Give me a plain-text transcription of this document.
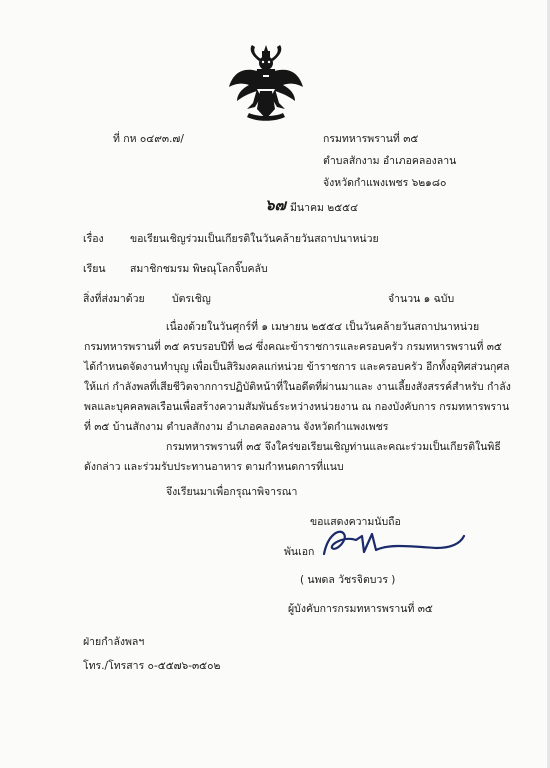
ที่ กห ๐๔๙๓.๗/	กรมทหารพรานที่ ๓๕
ตำบลสักงาม อำเภอคลองลาน
จังหวัดกำแพงเพชร ๖๒๑๘๐
๖๗ มีนาคม ๒๕๕๔
เรื่อง	ขอเรียนเชิญร่วมเป็นเกียรติในวันคล้ายวันสถาปนาหน่วย
เรียน สมาชิกชมรม พิษณุโลกจิ๊บคลับ
สิ่งที่ส่งมาด้วย	บัตรเชิญ	จำนวน ๑ ฉบับ
เนื่องด้วยในวันศุกร์ที่ ๑ เมษายน ๒๕๕๔ เป็นวันคล้ายวันสถาปนาหน่วย
กรมทหารพรานที่ ๓๕ ครบรอบปีที่ ๒๘ ซึ่งคณะข้าราชการและครอบครัว กรมทหารพรานที่ ๓๕
ได้กำหนดจัดงานทำบุญ เพื่อเป็นสิริมงคลแก่หน่วย ข้าราชการ และครอบครัว อีกทั้งอุทิศส่วนกุศล
ให้แก่ กำลังพลที่เสียชีวิตจากการปฏิบัติหน้าที่ในอดีตที่ผ่านมาและ งานเลี้ยงสังสรรค์สำหรับ กำลัง
พลและบุคคลพลเรือนเพื่อสร้างความสัมพันธ์ระหว่างหน่วยงาน ณ กองบังคับการ กรมทหารพราน
ที่ ๓๕ บ้านสักงาม ตำบลสักงาม อำเภอคลองลาน จังหวัดกำแพงเพชร
กรมทหารพรานที่ ๓๕ จึงใคร่ขอเรียนเชิญท่านและคณะร่วมเป็นเกียรติในพิธี
ดังกล่าว และร่วมรับประทานอาหาร ตามกำหนดการที่แนบ
จึงเรียนมาเพื่อกรุณาพิจารณา
ขอแสดงความนับถือ
พันเอก
( นพดล วัชรจิตบวร )
ผู้บังคับการกรมทหารพรานที่ ๓๕
ฝ่ายกำลังพลฯ
โทร./โทรสาร ๐-๕๕๗๖-๓๕๐๒
